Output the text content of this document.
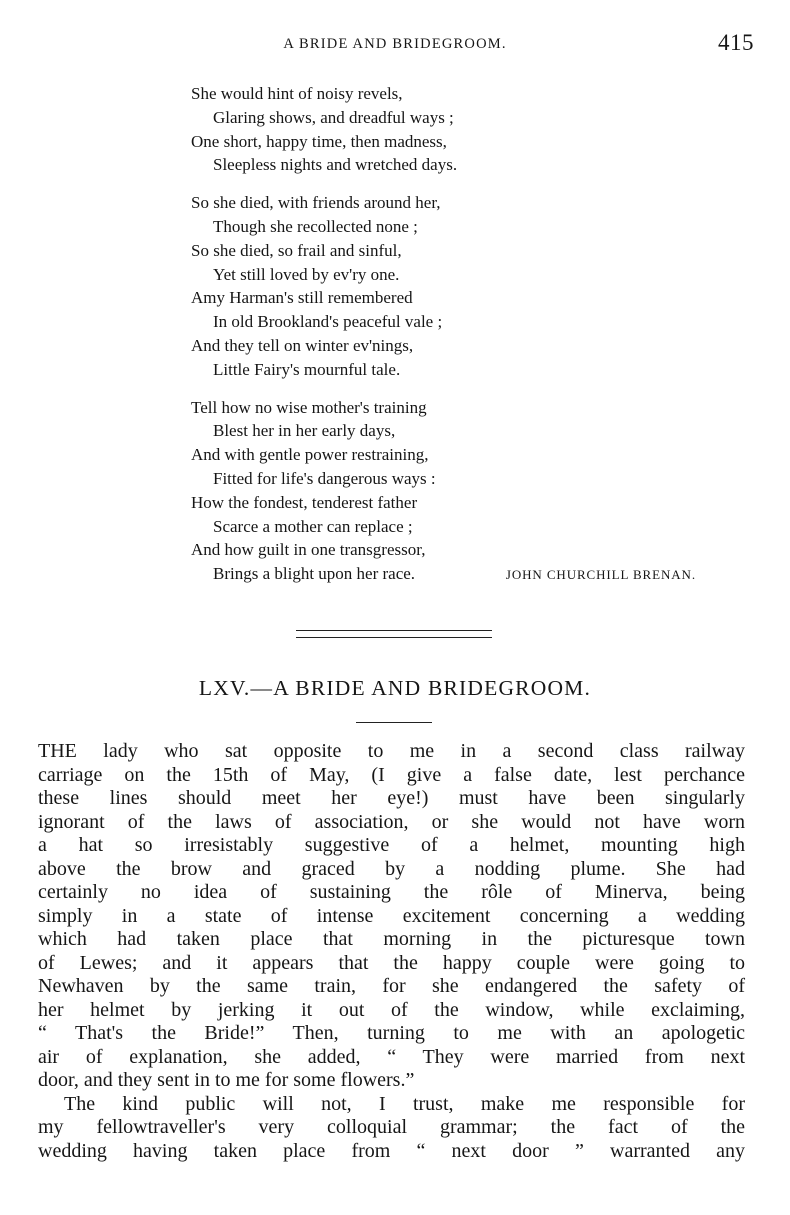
A BRIDE AND BRIDEGROOM.	415
She would hint of noisy revels,
Glaring shows, and dreadful ways ;
One short, happy time, then madness,
Sleepless nights and wretched days.
So she died, with friends around her,
Though she recollected none ;
So she died, so frail and sinful,
Yet still loved by ev'ry one.
Amy Harman's still remembered
In old Brookland's peaceful vale ;
And they tell on winter ev'nings,
Little Fairy's mournful tale.
Tell how no wise mother's training
Blest her in her early days,
And with gentle power restraining,
Fitted for life's dangerous ways :
How the fondest, tenderest father
Scarce a mother can replace ;
And how guilt in one transgressor,
Brings a blight upon her race.	JOHN CHURCHILL BRENAN.
LXV.—A BRIDE AND BRIDEGROOM.
THE lady who sat opposite to me in a second class railway
carriage on the 15th of May, (I give a false date, lest perchance
these lines should meet her eye!) must have been singularly
ignorant of the laws of association, or she would not have worn
a hat so irresistably suggestive of a helmet, mounting high
above the brow and graced by a nodding plume. She had
certainly no idea of sustaining the rôle of Minerva, being
simply in a state of intense excitement concerning a wedding
which had taken place that morning in the picturesque town
of Lewes; and it appears that the happy couple were going to
Newhaven by the same train, for she endangered the safety of
her helmet by jerking it out of the window, while exclaiming,
“ That's the Bride!” Then, turning to me with an apologetic
air of explanation, she added, “ They were married from next
door, and they sent in to me for some flowers.”
The kind public will not, I trust, make me responsible for
my fellowtraveller's very colloquial grammar; the fact of the
wedding having taken place from “ next door ” warranted any
